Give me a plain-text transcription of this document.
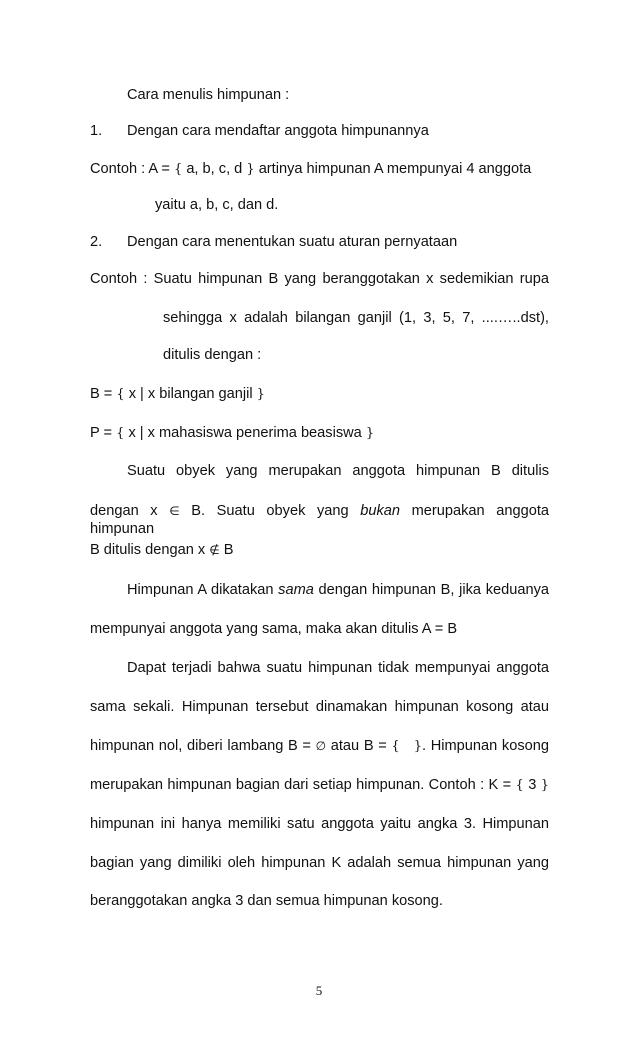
Cara menulis himpunan :
1. Dengan cara mendaftar anggota himpunannya
Contoh : A = { a, b, c, d } artinya himpunan A mempunyai 4 anggota
yaitu a, b, c, dan d.
2. Dengan cara menentukan suatu aturan pernyataan
Contoh : Suatu himpunan B yang beranggotakan x sedemikian rupa
sehingga x adalah bilangan ganjil (1, 3, 5, 7, ....…..dst),
ditulis dengan :
B = { x | x bilangan ganjil }
P = { x | x mahasiswa penerima beasiswa }
Suatu obyek yang merupakan anggota himpunan B ditulis
dengan x ∈ B. Suatu obyek yang bukan merupakan anggota himpunan
B ditulis dengan x ∉ B
Himpunan A dikatakan sama dengan himpunan B, jika keduanya
mempunyai anggota yang sama, maka akan ditulis A = B
Dapat terjadi bahwa suatu himpunan tidak mempunyai anggota
sama sekali. Himpunan tersebut dinamakan himpunan kosong atau
himpunan nol, diberi lambang B = ∅ atau B = { }. Himpunan kosong
merupakan himpunan bagian dari setiap himpunan. Contoh : K = { 3 }
himpunan ini hanya memiliki satu anggota yaitu angka 3. Himpunan
bagian yang dimiliki oleh himpunan K adalah semua himpunan yang
beranggotakan angka 3 dan semua himpunan kosong.
5
